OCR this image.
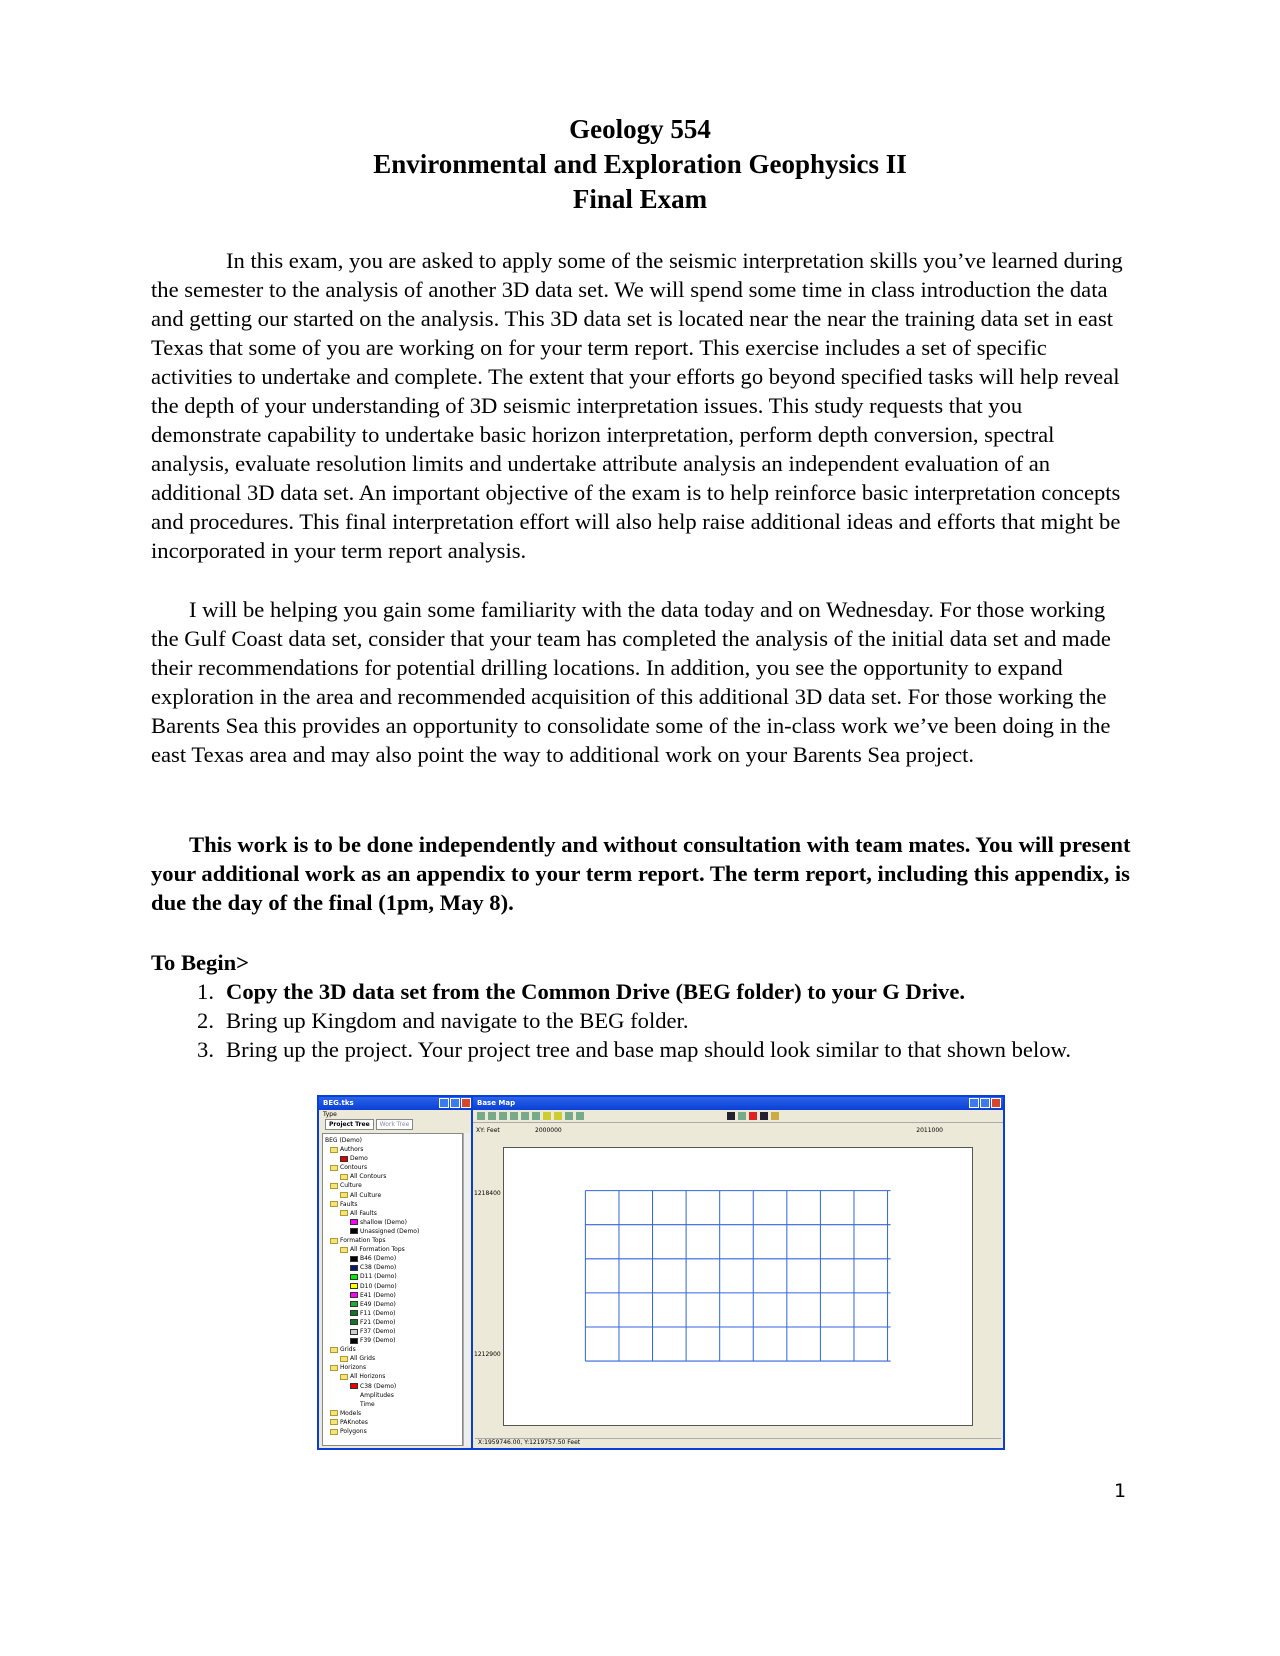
Geology 554
Environmental and Exploration Geophysics II
Final Exam

In this exam, you are asked to apply some of the seismic interpretation skills you’ve learned during the semester to the analysis of another 3D data set. We will spend some time in class introduction the data and getting our started on the analysis. This 3D data set is located near the near the training data set in east Texas that some of you are working on for your term report. This exercise includes a set of specific activities to undertake and complete. The extent that your efforts go beyond specified tasks will help reveal the depth of your understanding of 3D seismic interpretation issues. This study requests that you demonstrate capability to undertake basic horizon interpretation, perform depth conversion, spectral analysis, evaluate resolution limits and undertake attribute analysis an independent evaluation of an additional 3D data set. An important objective of the exam is to help reinforce basic interpretation concepts and procedures. This final interpretation effort will also help raise additional ideas and efforts that might be incorporated in your term report analysis.

I will be helping you gain some familiarity with the data today and on Wednesday. For those working the Gulf Coast data set, consider that your team has completed the analysis of the initial data set and made their recommendations for potential drilling locations. In addition, you see the opportunity to expand exploration in the area and recommended acquisition of this additional 3D data set. For those working the Barents Sea this provides an opportunity to consolidate some of the in-class work we’ve been doing in the east Texas area and may also point the way to additional work on your Barents Sea project.

This work is to be done independently and without consultation with team mates. You will present your additional work as an appendix to your term report. The term report, including this appendix, is due the day of the final (1pm, May 8).

To Begin>

1. Copy the 3D data set from the Common Drive (BEG folder) to your G Drive.
2. Bring up Kingdom and navigate to the BEG folder.
3. Bring up the project. Your project tree and base map should look similar to that shown below.
BEG.tks
Type
Project Tree	Work Tree
BEG (Demo)
Authors
Demo
Contours
All Contours
Culture
All Culture
Faults
All Faults
shallow (Demo)
Unassigned (Demo)
Formation Tops
All Formation Tops
B46 (Demo)
C38 (Demo)
D11 (Demo)
D10 (Demo)
E41 (Demo)
E49 (Demo)
F11 (Demo)
F21 (Demo)
F37 (Demo)
F39 (Demo)
Grids
All Grids
Horizons
All Horizons
C38 (Demo)
Amplitudes
Time
Models
PAKnotes
Polygons
Base Map
XY: Feet	2000000	2011000
1218400
1212900
X:1959746.00, Y:1219757.50 Feet
1
